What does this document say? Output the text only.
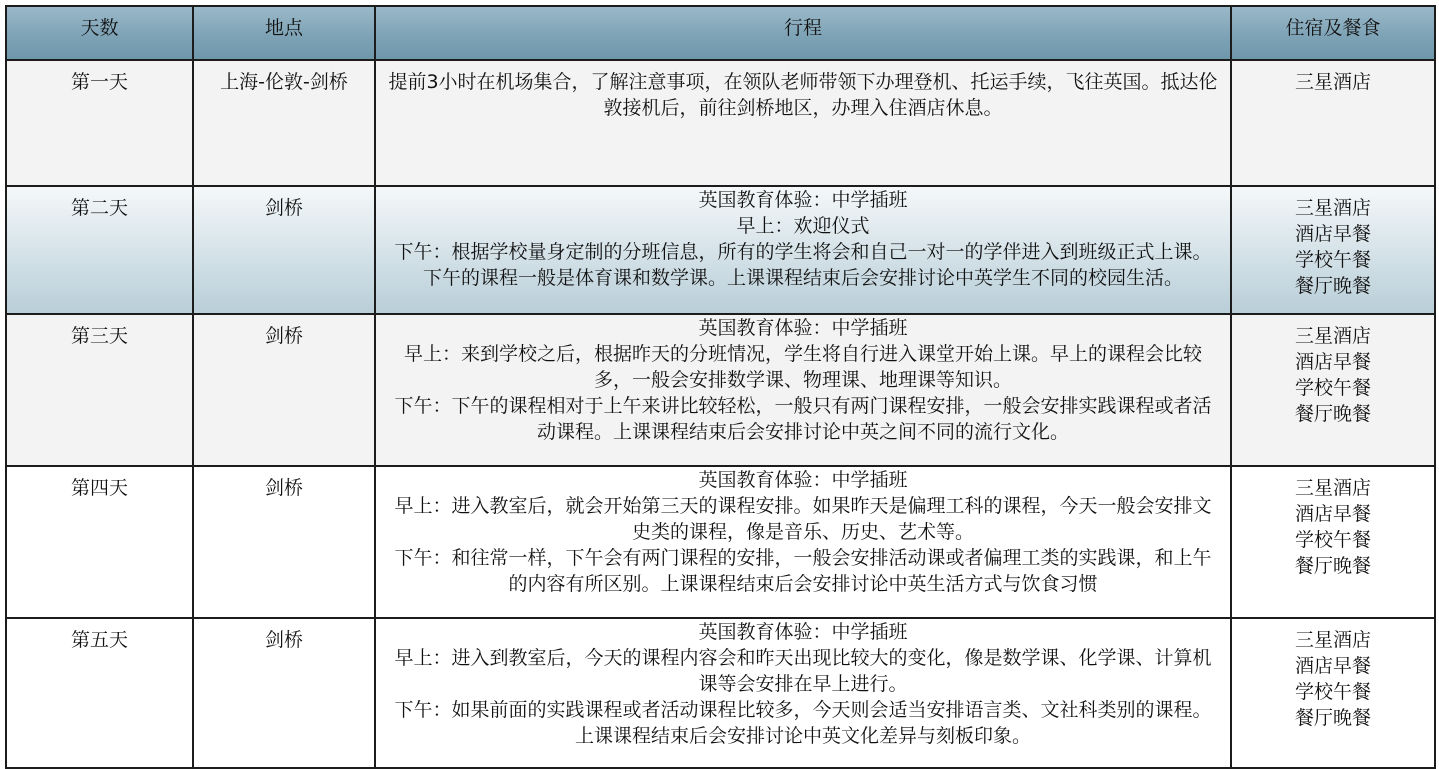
天数	地点	行程	住宿及餐食

第一天	上海-伦敦-剑桥	提前3小时在机场集合，了解注意事项，在领队老师带领下办理登机、托运手续，飞往英国。抵达伦敦接机后，前往剑桥地区，办理入住酒店休息。	三星酒店

第二天	剑桥	英国教育体验：中学插班
早上：欢迎仪式
下午：根据学校量身定制的分班信息，所有的学生将会和自己一对一的学伴进入到班级正式上课。下午的课程一般是体育课和数学课。上课课程结束后会安排讨论中英学生不同的校园生活。	三星酒店
酒店早餐
学校午餐
餐厅晚餐

第三天	剑桥	英国教育体验：中学插班
早上：来到学校之后，根据昨天的分班情况，学生将自行进入课堂开始上课。早上的课程会比较多，一般会安排数学课、物理课、地理课等知识。
下午：下午的课程相对于上午来讲比较轻松，一般只有两门课程安排，一般会安排实践课程或者活动课程。上课课程结束后会安排讨论中英之间不同的流行文化。	三星酒店
酒店早餐
学校午餐
餐厅晚餐

第四天	剑桥	英国教育体验：中学插班
早上：进入教室后，就会开始第三天的课程安排。如果昨天是偏理工科的课程，今天一般会安排文史类的课程，像是音乐、历史、艺术等。
下午：和往常一样，下午会有两门课程的安排，一般会安排活动课或者偏理工类的实践课，和上午的内容有所区别。上课课程结束后会安排讨论中英生活方式与饮食习惯	三星酒店
酒店早餐
学校午餐
餐厅晚餐

第五天	剑桥	英国教育体验：中学插班
早上：进入到教室后，今天的课程内容会和昨天出现比较大的变化，像是数学课、化学课、计算机课等会安排在早上进行。
下午：如果前面的实践课程或者活动课程比较多，今天则会适当安排语言类、文社科类别的课程。上课课程结束后会安排讨论中英文化差异与刻板印象。	三星酒店
酒店早餐
学校午餐
餐厅晚餐
